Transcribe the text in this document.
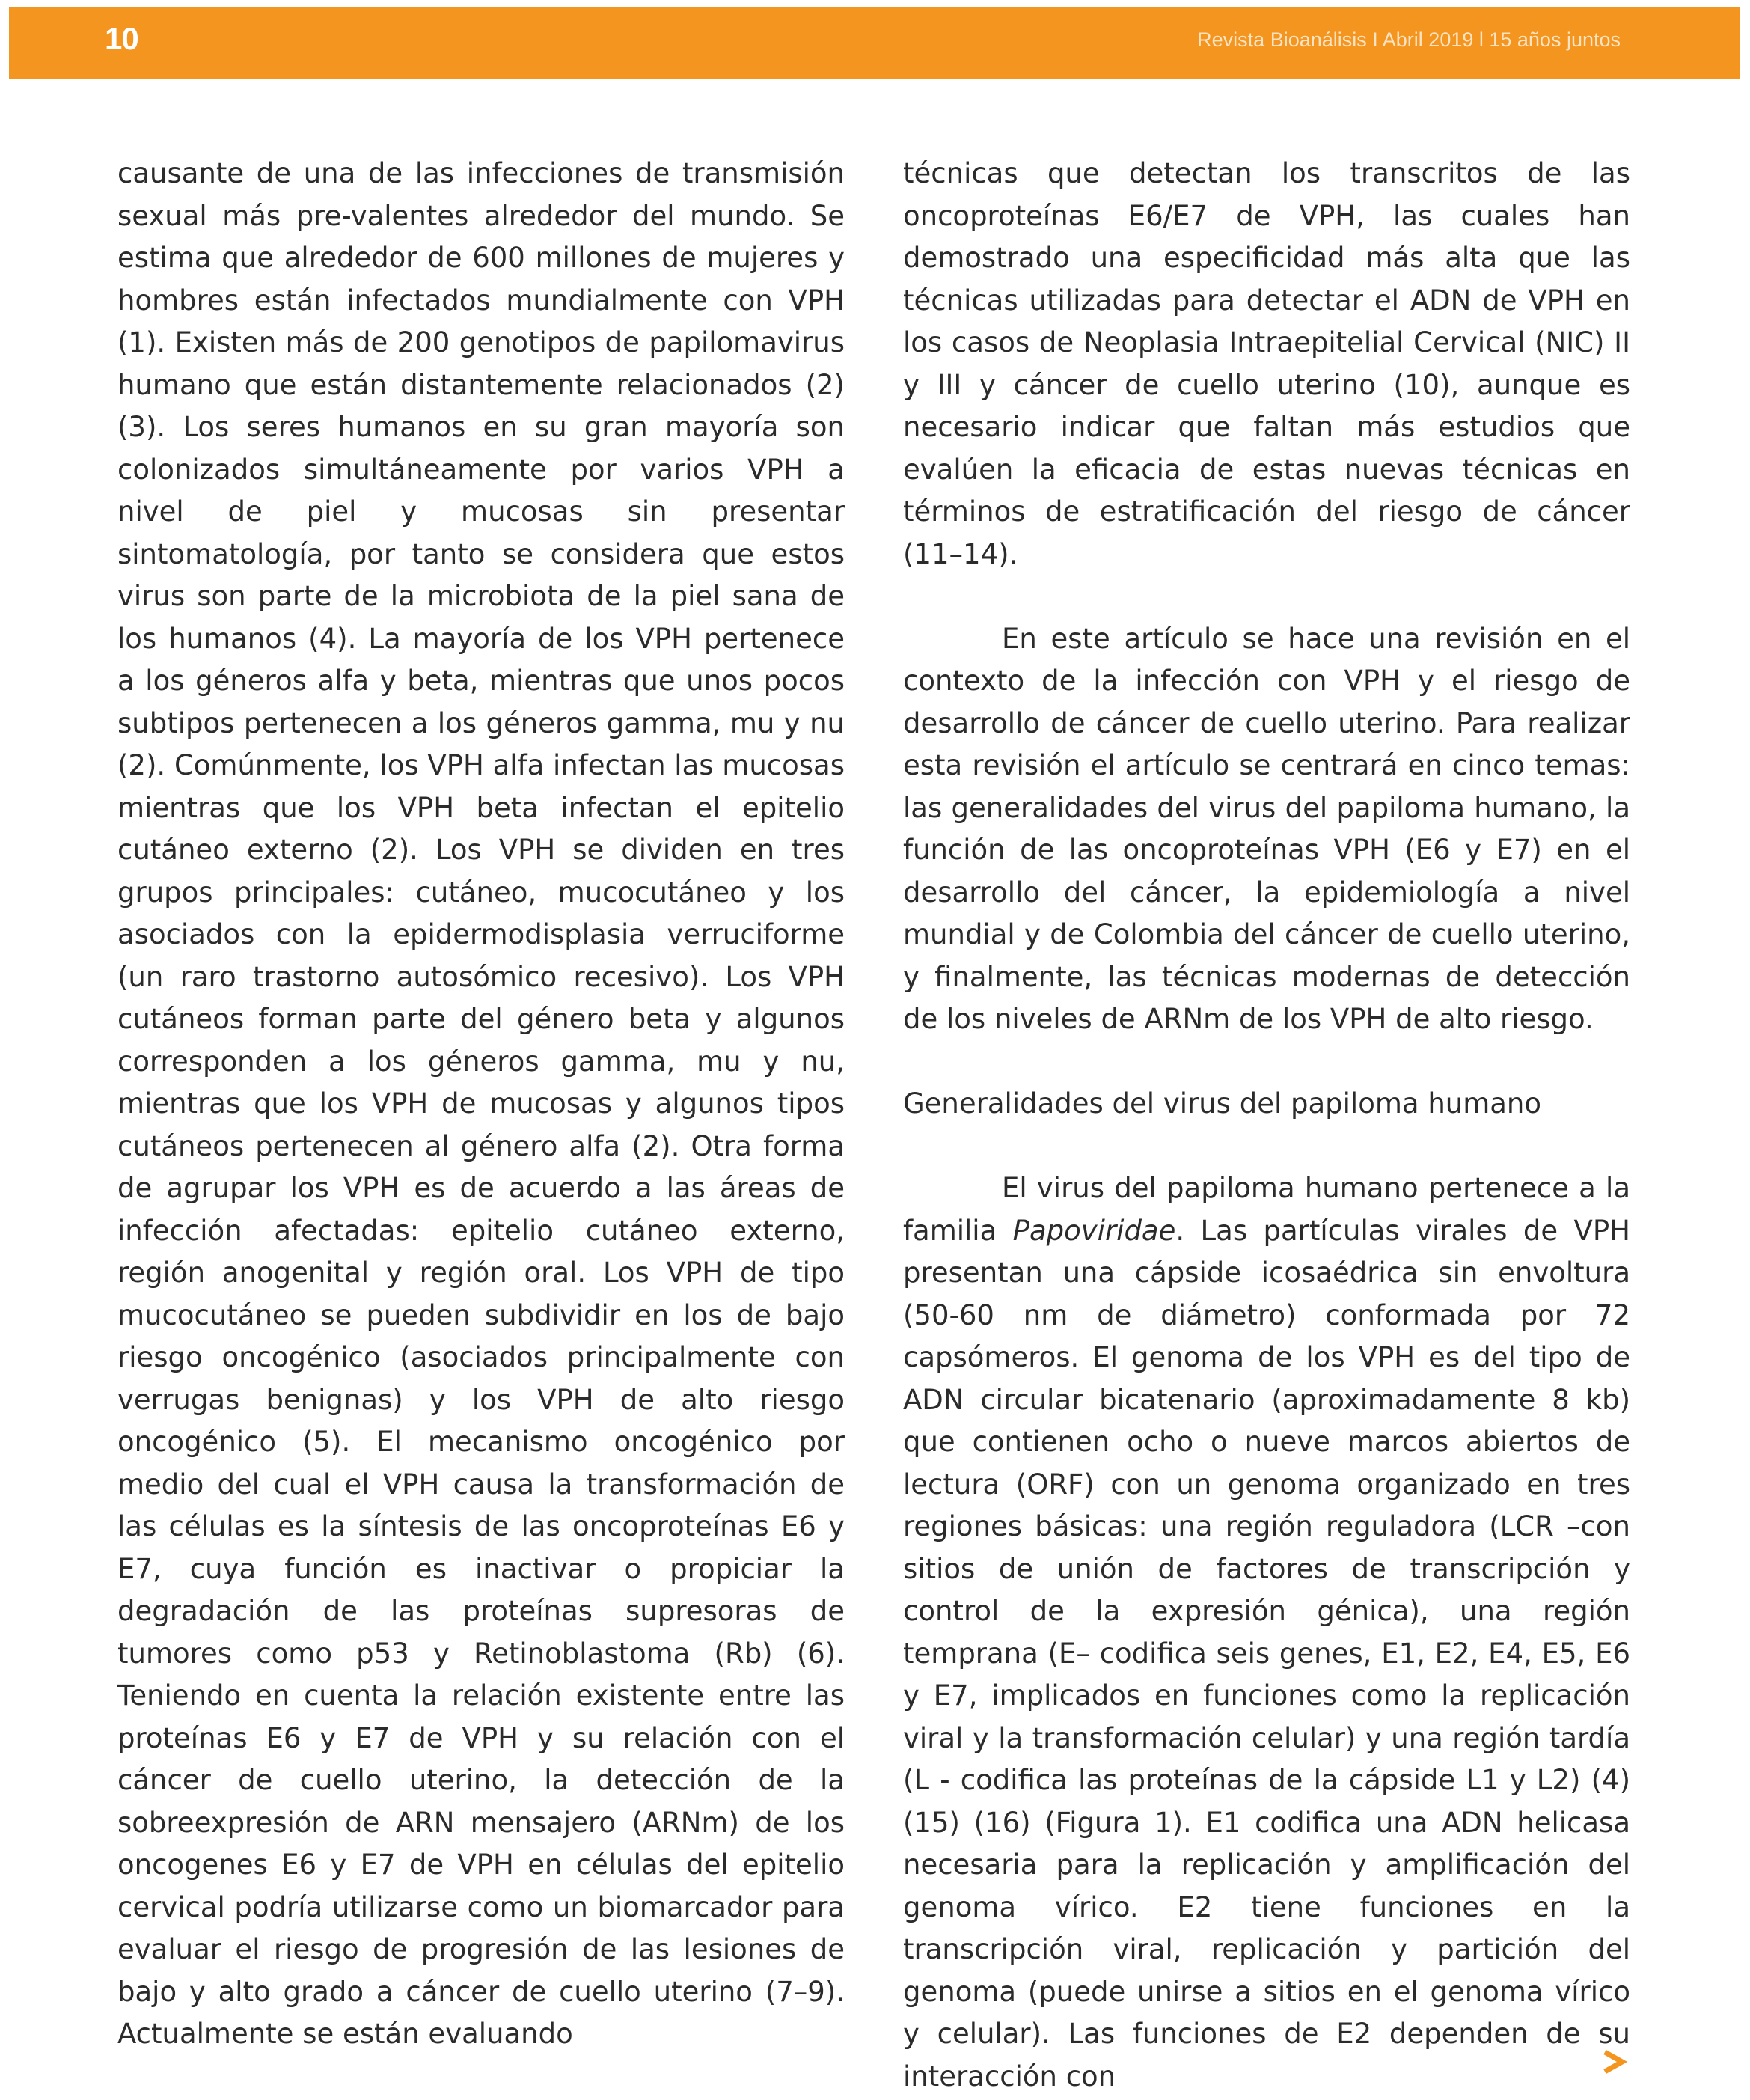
10	Revista Bioanálisis I Abril 2019 l 15 años juntos

causante de una de las infecciones de transmisión sexual más pre-valentes alrededor del mundo. Se estima que alrededor de 600 millones de mujeres y hombres están infectados mundialmente con VPH (1). Existen más de 200 genotipos de papilomavirus humano que están distantemente relacionados (2) (3). Los seres humanos en su gran mayoría son colonizados simultáneamente por varios VPH a nivel de piel y mucosas sin presentar sintomatología, por tanto se considera que estos virus son parte de la microbiota de la piel sana de los humanos (4). La mayoría de los VPH pertenece a los géneros alfa y beta, mientras que unos pocos subtipos pertenecen a los géneros gamma, mu y nu (2). Comúnmente, los VPH alfa infectan las mucosas mientras que los VPH beta infectan el epitelio cutáneo externo (2). Los VPH se dividen en tres grupos principales: cutáneo, mucocutáneo y los asociados con la epidermodisplasia verruciforme (un raro trastorno autosómico recesivo). Los VPH cutáneos forman parte del género beta y algunos corresponden a los géneros gamma, mu y nu, mientras que los VPH de mucosas y algunos tipos cutáneos pertenecen al género alfa (2). Otra forma de agrupar los VPH es de acuerdo a las áreas de infección afectadas: epitelio cutáneo externo, región anogenital y región oral. Los VPH de tipo mucocutáneo se pueden subdividir en los de bajo riesgo oncogénico (asociados principalmente con verrugas benignas) y los VPH de alto riesgo oncogénico (5). El mecanismo oncogénico por medio del cual el VPH causa la transformación de las células es la síntesis de las oncoproteínas E6 y E7, cuya función es inactivar o propiciar la degradación de las proteínas supresoras de tumores como p53 y Retinoblastoma (Rb) (6). Teniendo en cuenta la relación existente entre las proteínas E6 y E7 de VPH y su relación con el cáncer de cuello uterino, la detección de la sobreexpresión de ARN mensajero (ARNm) de los oncogenes E6 y E7 de VPH en células del epitelio cervical podría utilizarse como un biomarcador para evaluar el riesgo de progresión de las lesiones de bajo y alto grado a cáncer de cuello uterino (7–9). Actualmente se están evaluando

técnicas que detectan los transcritos de las oncoproteínas E6/E7 de VPH, las cuales han demostrado una especificidad más alta que las técnicas utilizadas para detectar el ADN de VPH en los casos de Neoplasia Intraepitelial Cervical (NIC) II y III y cáncer de cuello uterino (10), aunque es necesario indicar que faltan más estudios que evalúen la eficacia de estas nuevas técnicas en términos de estratificación del riesgo de cáncer (11–14).

En este artículo se hace una revisión en el contexto de la infección con VPH y el riesgo de desarrollo de cáncer de cuello uterino. Para realizar esta revisión el artículo se centrará en cinco temas: las generalidades del virus del papiloma humano, la función de las oncoproteínas VPH (E6 y E7) en el desarrollo del cáncer, la epidemiología a nivel mundial y de Colombia del cáncer de cuello uterino, y finalmente, las técnicas modernas de detección de los niveles de ARNm de los VPH de alto riesgo.

Generalidades del virus del papiloma humano

El virus del papiloma humano pertenece a la familia Papoviridae. Las partículas virales de VPH presentan una cápside icosaédrica sin envoltura (50-60 nm de diámetro) conformada por 72 capsómeros. El genoma de los VPH es del tipo de ADN circular bicatenario (aproximadamente 8 kb) que contienen ocho o nueve marcos abiertos de lectura (ORF) con un genoma organizado en tres regiones básicas: una región reguladora (LCR –con sitios de unión de factores de transcripción y control de la expresión génica), una región temprana (E– codifica seis genes, E1, E2, E4, E5, E6 y E7, implicados en funciones como la replicación viral y la transformación celular) y una región tardía (L - codifica las proteínas de la cápside L1 y L2) (4) (15) (16) (Figura 1). E1 codifica una ADN helicasa necesaria para la replicación y amplificación del genoma vírico. E2 tiene funciones en la transcripción viral, replicación y partición del genoma (puede unirse a sitios en el genoma vírico y celular). Las funciones de E2 dependen de su interacción con
